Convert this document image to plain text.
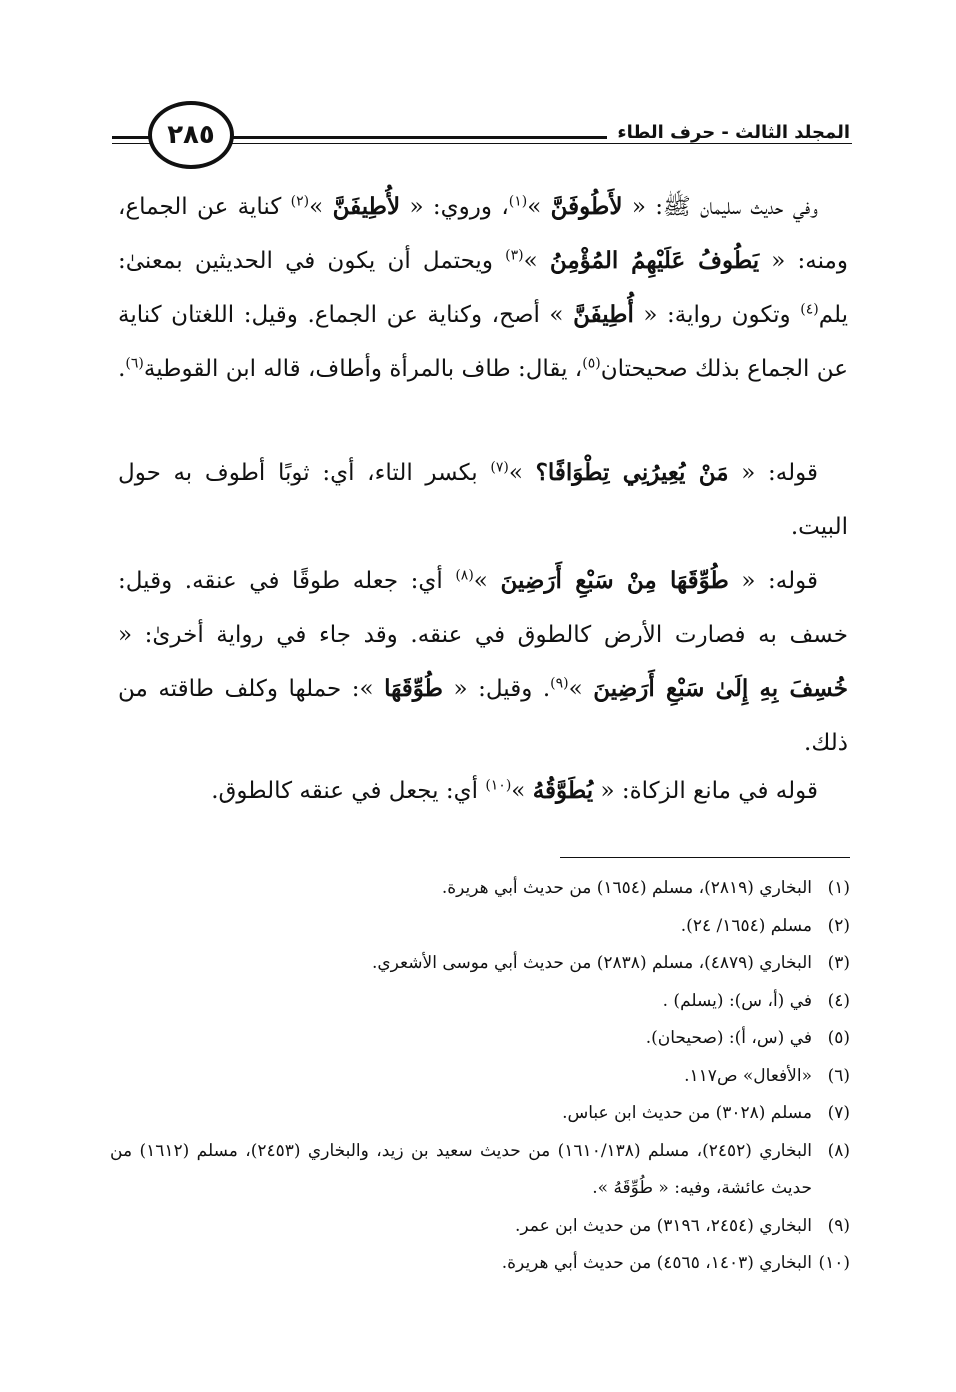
المجلد الثالث - حرف الطاء
٢٨٥

وفي حديث سليمان ﷺ: « لأَطُوفَنَّ »$^{(١)}$، وروي: « لأُطِيفَنَّ »$^{(٢)}$ كناية عن الجماع، ومنه: « يَطُوفُ عَلَيْهِمُ المُؤْمِنُ »$^{(٣)}$ ويحتمل أن يكون في الحديثين بمعنىٰ: يلم$^{(٤)}$ وتكون رواية: « أُطِيفَنَّ » أصح، وكناية عن الجماع. وقيل: اللغتان كناية عن الجماع بذلك صحيحتان$^{(٥)}$، يقال: طاف بالمرأة وأطاف، قاله ابن القوطية$^{(٦)}$.

قوله: « مَنْ يُعِيرُنِي تِطْوَافًا؟ »$^{(٧)}$ بكسر التاء، أي: ثوبًا أطوف به حول البيت.

قوله: « طُوِّقَهَا مِنْ سَبْعِ أَرَضِينَ »$^{(٨)}$ أي: جعله طوقًا في عنقه. وقيل: خسف به فصارت الأرض كالطوق في عنقه. وقد جاء في رواية أخرىٰ: « خُسِفَ بِهِ إِلَىٰ سَبْعِ أَرَضِينَ »$^{(٩)}$. وقيل: « طُوِّقَهَا »: حملها وكلف طاقته من ذلك.

قوله في مانع الزكاة: « يُطَوَّقُهُ »$^{(١٠)}$ أي: يجعل في عنقه كالطوق.

(١)
البخاري (٢٨١٩)، مسلم (١٦٥٤) من حديث أبي هريرة.
(٢)
مسلم (١٦٥٤/ ٢٤).
(٣)
البخاري (٤٨٧٩)، مسلم (٢٨٣٨) من حديث أبي موسى الأشعري.
(٤)
في (أ، س): (يسلم) .
(٥)
في (س، أ): (صحيحان).
(٦)
«الأفعال» ص١١٧.
(٧)
مسلم (٣٠٢٨) من حديث ابن عباس.
(٨)
البخاري (٢٤٥٢)، مسلم (١٦١٠/١٣٨) من حديث سعيد بن زيد، والبخاري (٢٤٥٣)، مسلم (١٦١٢) من حديث عائشة، وفيه: « طُوِّقَهُ ».
(٩)
البخاري (٢٤٥٤، ٣١٩٦) من حديث ابن عمر.
(١٠)
البخاري (١٤٠٣، ٤٥٦٥) من حديث أبي هريرة.
